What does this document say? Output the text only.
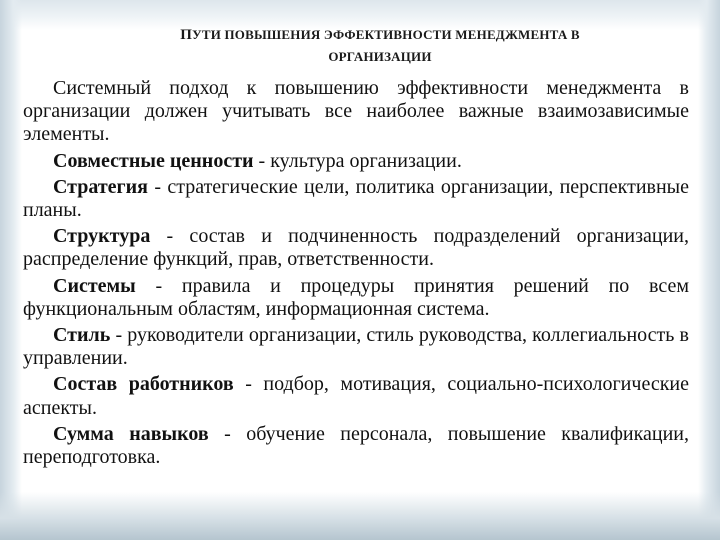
ПУТИ ПОВЫШЕНИЯ ЭФФЕКТИВНОСТИ МЕНЕДЖМЕНТА В
ОРГАНИЗАЦИИ

Системный подход к повышению эффективности менеджмента в организации должен учитывать все наиболее важные взаимозависимые элементы.

Совместные ценности - культура организации.

Стратегия - стратегические цели, политика организации, перспективные планы.

Структура - состав и подчиненность подразделений организации, распределение функций, прав, ответственности.

Системы - правила и процедуры принятия решений по всем функциональным областям, информационная система.

Стиль - руководители организации, стиль руководства, коллегиальность в управлении.

Состав работников - подбор, мотивация, социально-психологические аспекты.

Сумма навыков - обучение персонала, повышение квалификации, переподготовка.
